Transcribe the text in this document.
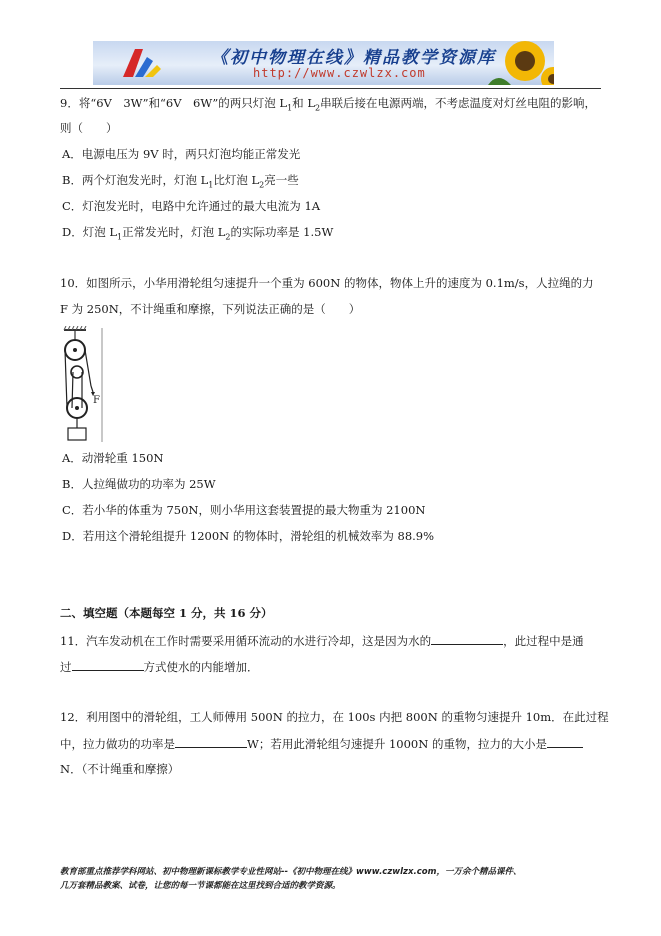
《初中物理在线》精品教学资源库
http://www.czwlzx.com
9．将“6V　3W”和“6V　6W”的两只灯泡 $L_1$和 $L_2$串联后接在电源两端，不考虑温度对灯丝电阻的影响，
则（　　）
A．电源电压为 9V 时，两只灯泡均能正常发光
B．两个灯泡发光时，灯泡 $L_1$比灯泡 $L_2$亮一些
C．灯泡发光时，电路中允许通过的最大电流为 1A
D．灯泡 $L_1$正常发光时，灯泡 $L_2$的实际功率是 1.5W
10．如图所示，小华用滑轮组匀速提升一个重为 600N 的物体，物体上升的速度为 0.1m/s，人拉绳的力
F 为 250N，不计绳重和摩擦，下列说法正确的是（　　）
F
A．动滑轮重 150N
B．人拉绳做功的功率为 25W
C．若小华的体重为 750N，则小华用这套装置提的最大物重为 2100N
D．若用这个滑轮组提升 1200N 的物体时，滑轮组的机械效率为 88.9%
二、填空题（本题每空 1 分，共 16 分）
11．汽车发动机在工作时需要采用循环流动的水进行冷却，这是因为水的	，此过程中是通
过	方式使水的内能增加．
12．利用图中的滑轮组，工人师傅用 500N 的拉力，在 100s 内把 800N 的重物匀速提升 10m．在此过程
中，拉力做功的功率是	W；若用此滑轮组匀速提升 1000N 的重物，拉力的大小是
N．（不计绳重和摩擦）
教育部重点推荐学科网站、初中物理新课标教学专业性网站--《初中物理在线》www.czwlzx.com，一万余个精品课件、
几万套精品教案、试卷，让您的每一节课都能在这里找到合适的教学资源。
